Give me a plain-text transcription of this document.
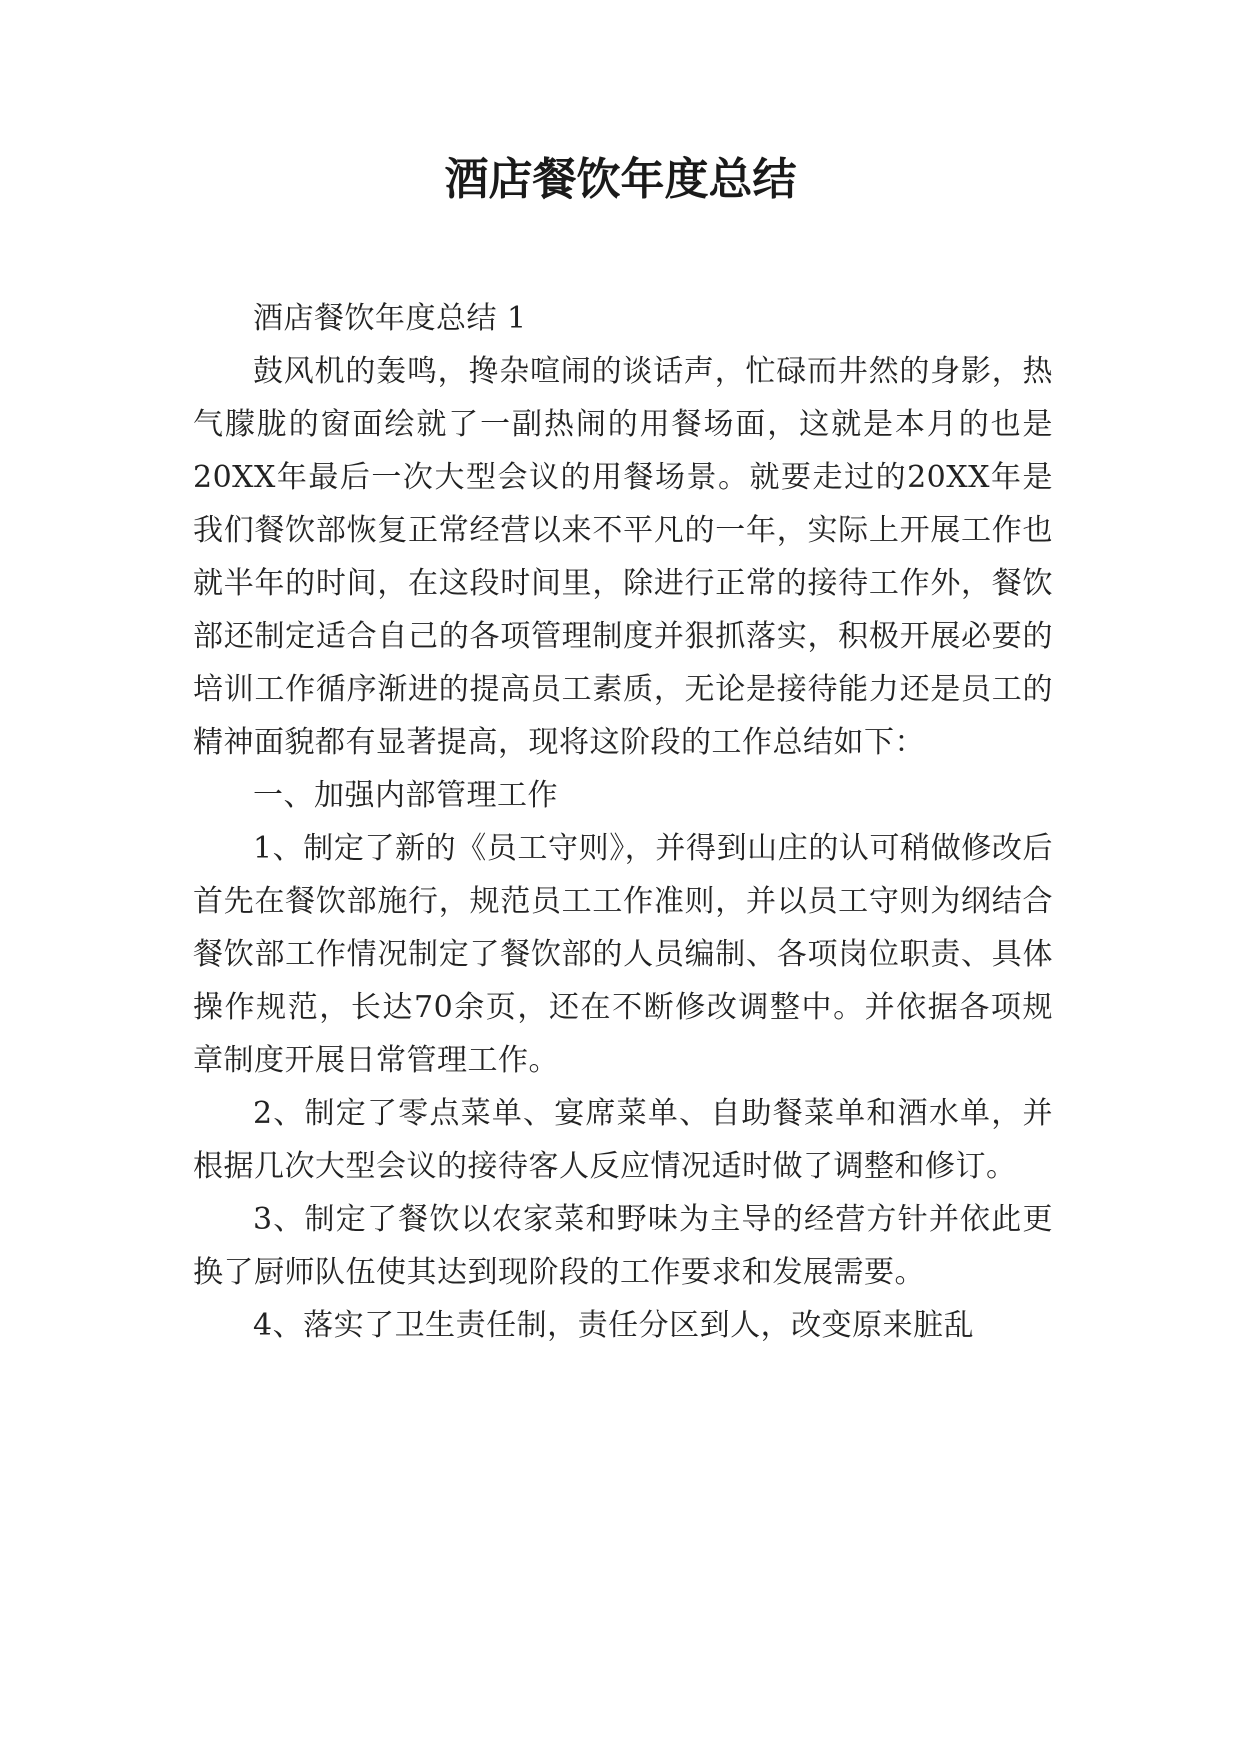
酒店餐饮年度总结

酒店餐饮年度总结 1

鼓风机的轰鸣，搀杂喧闹的谈话声，忙碌而井然的身影，热气朦胧的窗面绘就了一副热闹的用餐场面，这就是本月的也是20XX年最后一次大型会议的用餐场景。就要走过的20XX年是我们餐饮部恢复正常经营以来不平凡的一年，实际上开展工作也就半年的时间，在这段时间里，除进行正常的接待工作外，餐饮部还制定适合自己的各项管理制度并狠抓落实，积极开展必要的培训工作循序渐进的提高员工素质，无论是接待能力还是员工的精神面貌都有显著提高，现将这阶段的工作总结如下：

一、加强内部管理工作

1、制定了新的《员工守则》，并得到山庄的认可稍做修改后首先在餐饮部施行，规范员工工作准则，并以员工守则为纲结合餐饮部工作情况制定了餐饮部的人员编制、各项岗位职责、具体操作规范，长达70余页，还在不断修改调整中。并依据各项规章制度开展日常管理工作。

2、制定了零点菜单、宴席菜单、自助餐菜单和酒水单，并根据几次大型会议的接待客人反应情况适时做了调整和修订。

3、制定了餐饮以农家菜和野味为主导的经营方针并依此更换了厨师队伍使其达到现阶段的工作要求和发展需要。

4、落实了卫生责任制，责任分区到人，改变原来脏乱
